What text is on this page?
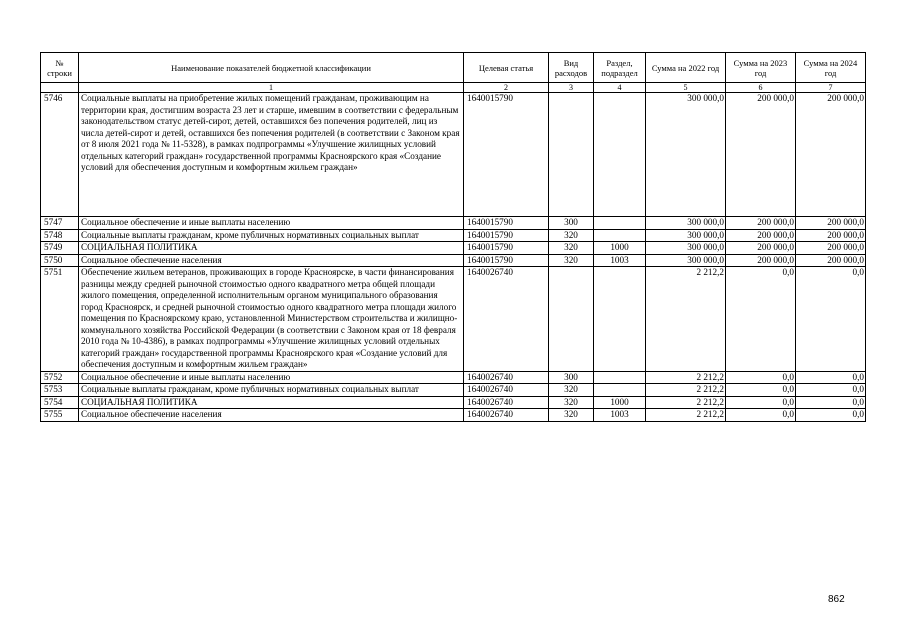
№ строки	Наименование показателей бюджетной классификации	Целевая статья	Вид расходов	Раздел, подраздел	Сумма на 2022 год	Сумма на 2023 год	Сумма на 2024 год
	1	2	3	4	5	6	7
5746	Социальные выплаты на приобретение жилых помещений гражданам, проживающим на территории края, достигшим возраста 23 лет и старше, имевшим в соответствии с федеральным законодательством статус детей-сирот, детей, оставшихся без попечения родителей, лиц из числа детей-сирот и детей, оставшихся без попечения родителей (в соответствии с Законом края от 8 июля 2021 года № 11-5328), в рамках подпрограммы «Улучшение жилищных условий отдельных категорий граждан» государственной программы Красноярского края «Создание условий для обеспечения доступным и комфортным жильем граждан»	1640015790			300 000,0	200 000,0	200 000,0
5747	Социальное обеспечение и иные выплаты населению	1640015790	300		300 000,0	200 000,0	200 000,0
5748	Социальные выплаты гражданам, кроме публичных нормативных социальных выплат	1640015790	320		300 000,0	200 000,0	200 000,0
5749	СОЦИАЛЬНАЯ ПОЛИТИКА	1640015790	320	1000	300 000,0	200 000,0	200 000,0
5750	Социальное обеспечение населения	1640015790	320	1003	300 000,0	200 000,0	200 000,0
5751	Обеспечение жильем ветеранов, проживающих в городе Красноярске, в части финансирования разницы между средней рыночной стоимостью одного квадратного метра общей площади жилого помещения, определенной исполнительным органом муниципального образования город Красноярск, и средней рыночной стоимостью одного квадратного метра площади жилого помещения по Красноярскому краю, установленной Министерством строительства и жилищно-коммунального хозяйства Российской Федерации (в соответствии с Законом края от 18 февраля 2010 года № 10-4386), в рамках подпрограммы «Улучшение жилищных условий отдельных категорий граждан» государственной программы Красноярского края «Создание условий для обеспечения доступным и комфортным жильем граждан»	1640026740			2 212,2	0,0	0,0
5752	Социальное обеспечение и иные выплаты населению	1640026740	300		2 212,2	0,0	0,0
5753	Социальные выплаты гражданам, кроме публичных нормативных социальных выплат	1640026740	320		2 212,2	0,0	0,0
5754	СОЦИАЛЬНАЯ ПОЛИТИКА	1640026740	320	1000	2 212,2	0,0	0,0
5755	Социальное обеспечение населения	1640026740	320	1003	2 212,2	0,0	0,0
862
